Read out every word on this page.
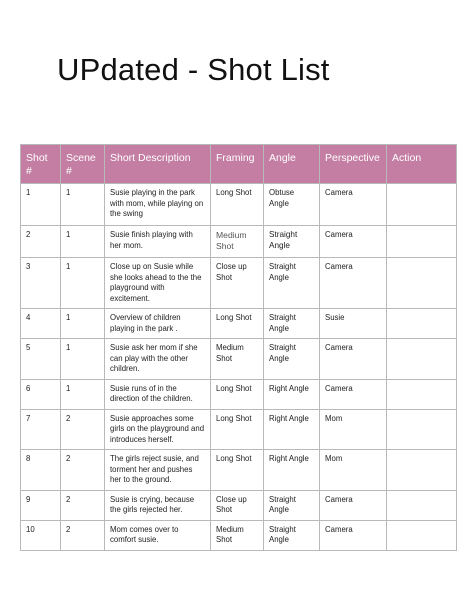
UPdated - Shot List
Shot #	Scene #	Short Description	Framing	Angle	Perspective	Action
1	1	Susie playing in the park with mom, while playing on the swing	Long Shot	Obtuse Angle	Camera	
2	1	Susie finish playing with her mom.	Medium Shot	Straight Angle	Camera	
3	1	Close up on Susie while she looks ahead to the the playground with excitement.	Close up Shot	Straight Angle	Camera	
4	1	Overview of children playing in the park .	Long Shot	Straight Angle	Susie	
5	1	Susie ask her mom if she can play with the other children.	Medium Shot	Straight Angle	Camera	
6	1	Susie runs of in the direction of the children.	Long Shot	Right Angle	Camera	
7	2	Susie approaches some girls on the playground and introduces herself.	Long Shot	Right Angle	Mom	
8	2	The girls reject susie, and torment her and pushes her to the ground.	Long Shot	Right Angle	Mom	
9	2	Susie is crying, because the girls rejected her.	Close up Shot	Straight Angle	Camera	
10	2	Mom comes over to comfort susie.	Medium Shot	Straight Angle	Camera	
